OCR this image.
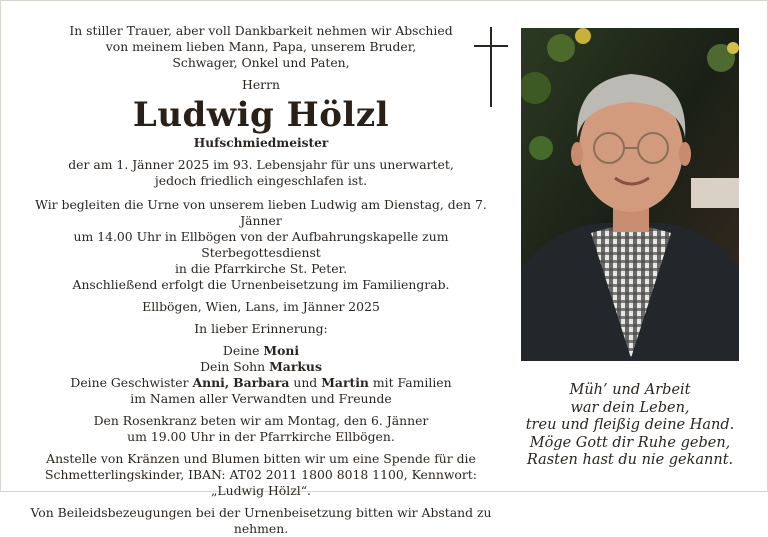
In stiller Trauer, aber voll Dankbarkeit nehmen wir Abschied

von meinem lieben Mann, Papa, unserem Bruder,

Schwager, Onkel und Paten,

Herrn

Ludwig Hölzl

Hufschmiedmeister

der am 1. Jänner 2025 im 93. Lebensjahr für uns unerwartet,

jedoch friedlich eingeschlafen ist.

Wir begleiten die Urne von unserem lieben Ludwig am Dienstag, den 7. Jänner

um 14.00 Uhr in Ellbögen von der Aufbahrungskapelle zum Sterbegottesdienst

in die Pfarrkirche St. Peter.

Anschließend erfolgt die Urnenbeisetzung im Familiengrab.

Ellbögen, Wien, Lans, im Jänner 2025

In lieber Erinnerung:

Deine Moni

Dein Sohn Markus

Deine Geschwister Anni, Barbara und Martin mit Familien

im Namen aller Verwandten und Freunde

Den Rosenkranz beten wir am Montag, den 6. Jänner

um 19.00 Uhr in der Pfarrkirche Ellbögen.

Anstelle von Kränzen und Blumen bitten wir um eine Spende für die

Schmetterlingskinder, IBAN: AT02 2011 1800 8018 1100, Kennwort: „Ludwig Hölzl“.

Von Beileidsbezeugungen bei der Urnenbeisetzung bitten wir Abstand zu nehmen.

Müh’ und Arbeit

war dein Leben,

treu und fleißig deine Hand.

Möge Gott dir Ruhe geben,

Rasten hast du nie gekannt.
